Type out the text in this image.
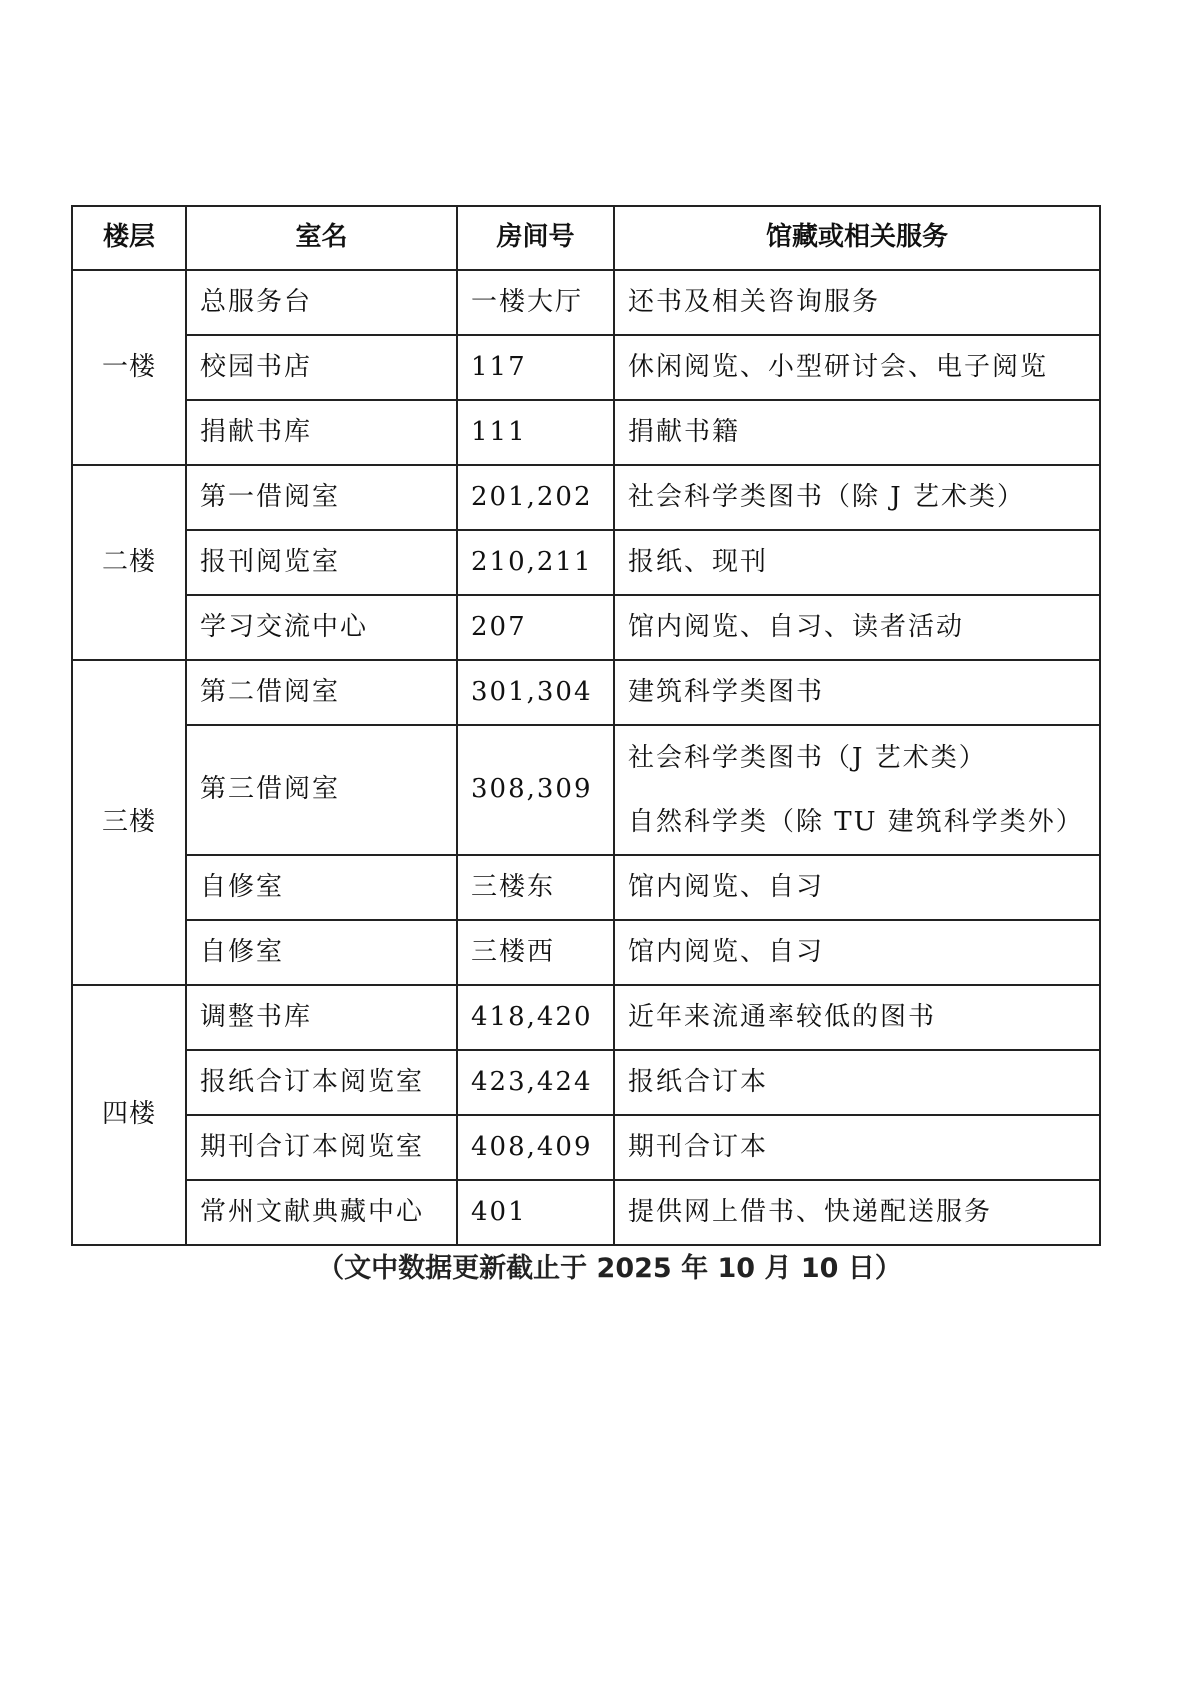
楼层	室名	房间号	馆藏或相关服务
一楼	总服务台	一楼大厅	还书及相关咨询服务
	校园书店	117	休闲阅览、小型研讨会、电子阅览
	捐献书库	111	捐献书籍
二楼	第一借阅室	201,202	社会科学类图书（除 J 艺术类）
	报刊阅览室	210,211	报纸、现刊
	学习交流中心	207	馆内阅览、自习、读者活动
三楼	第二借阅室	301,304	建筑科学类图书
	第三借阅室	308,309	社会科学类图书（J 艺术类）
自然科学类（除 TU 建筑科学类外）

	自修室	三楼东	馆内阅览、自习
	自修室	三楼西	馆内阅览、自习
四楼	调整书库	418,420	近年来流通率较低的图书
	报纸合订本阅览室	423,424	报纸合订本
	期刊合订本阅览室	408,409	期刊合订本
	常州文献典藏中心	401	提供网上借书、快递配送服务
（文中数据更新截止于 2025 年 10 月 10 日）
